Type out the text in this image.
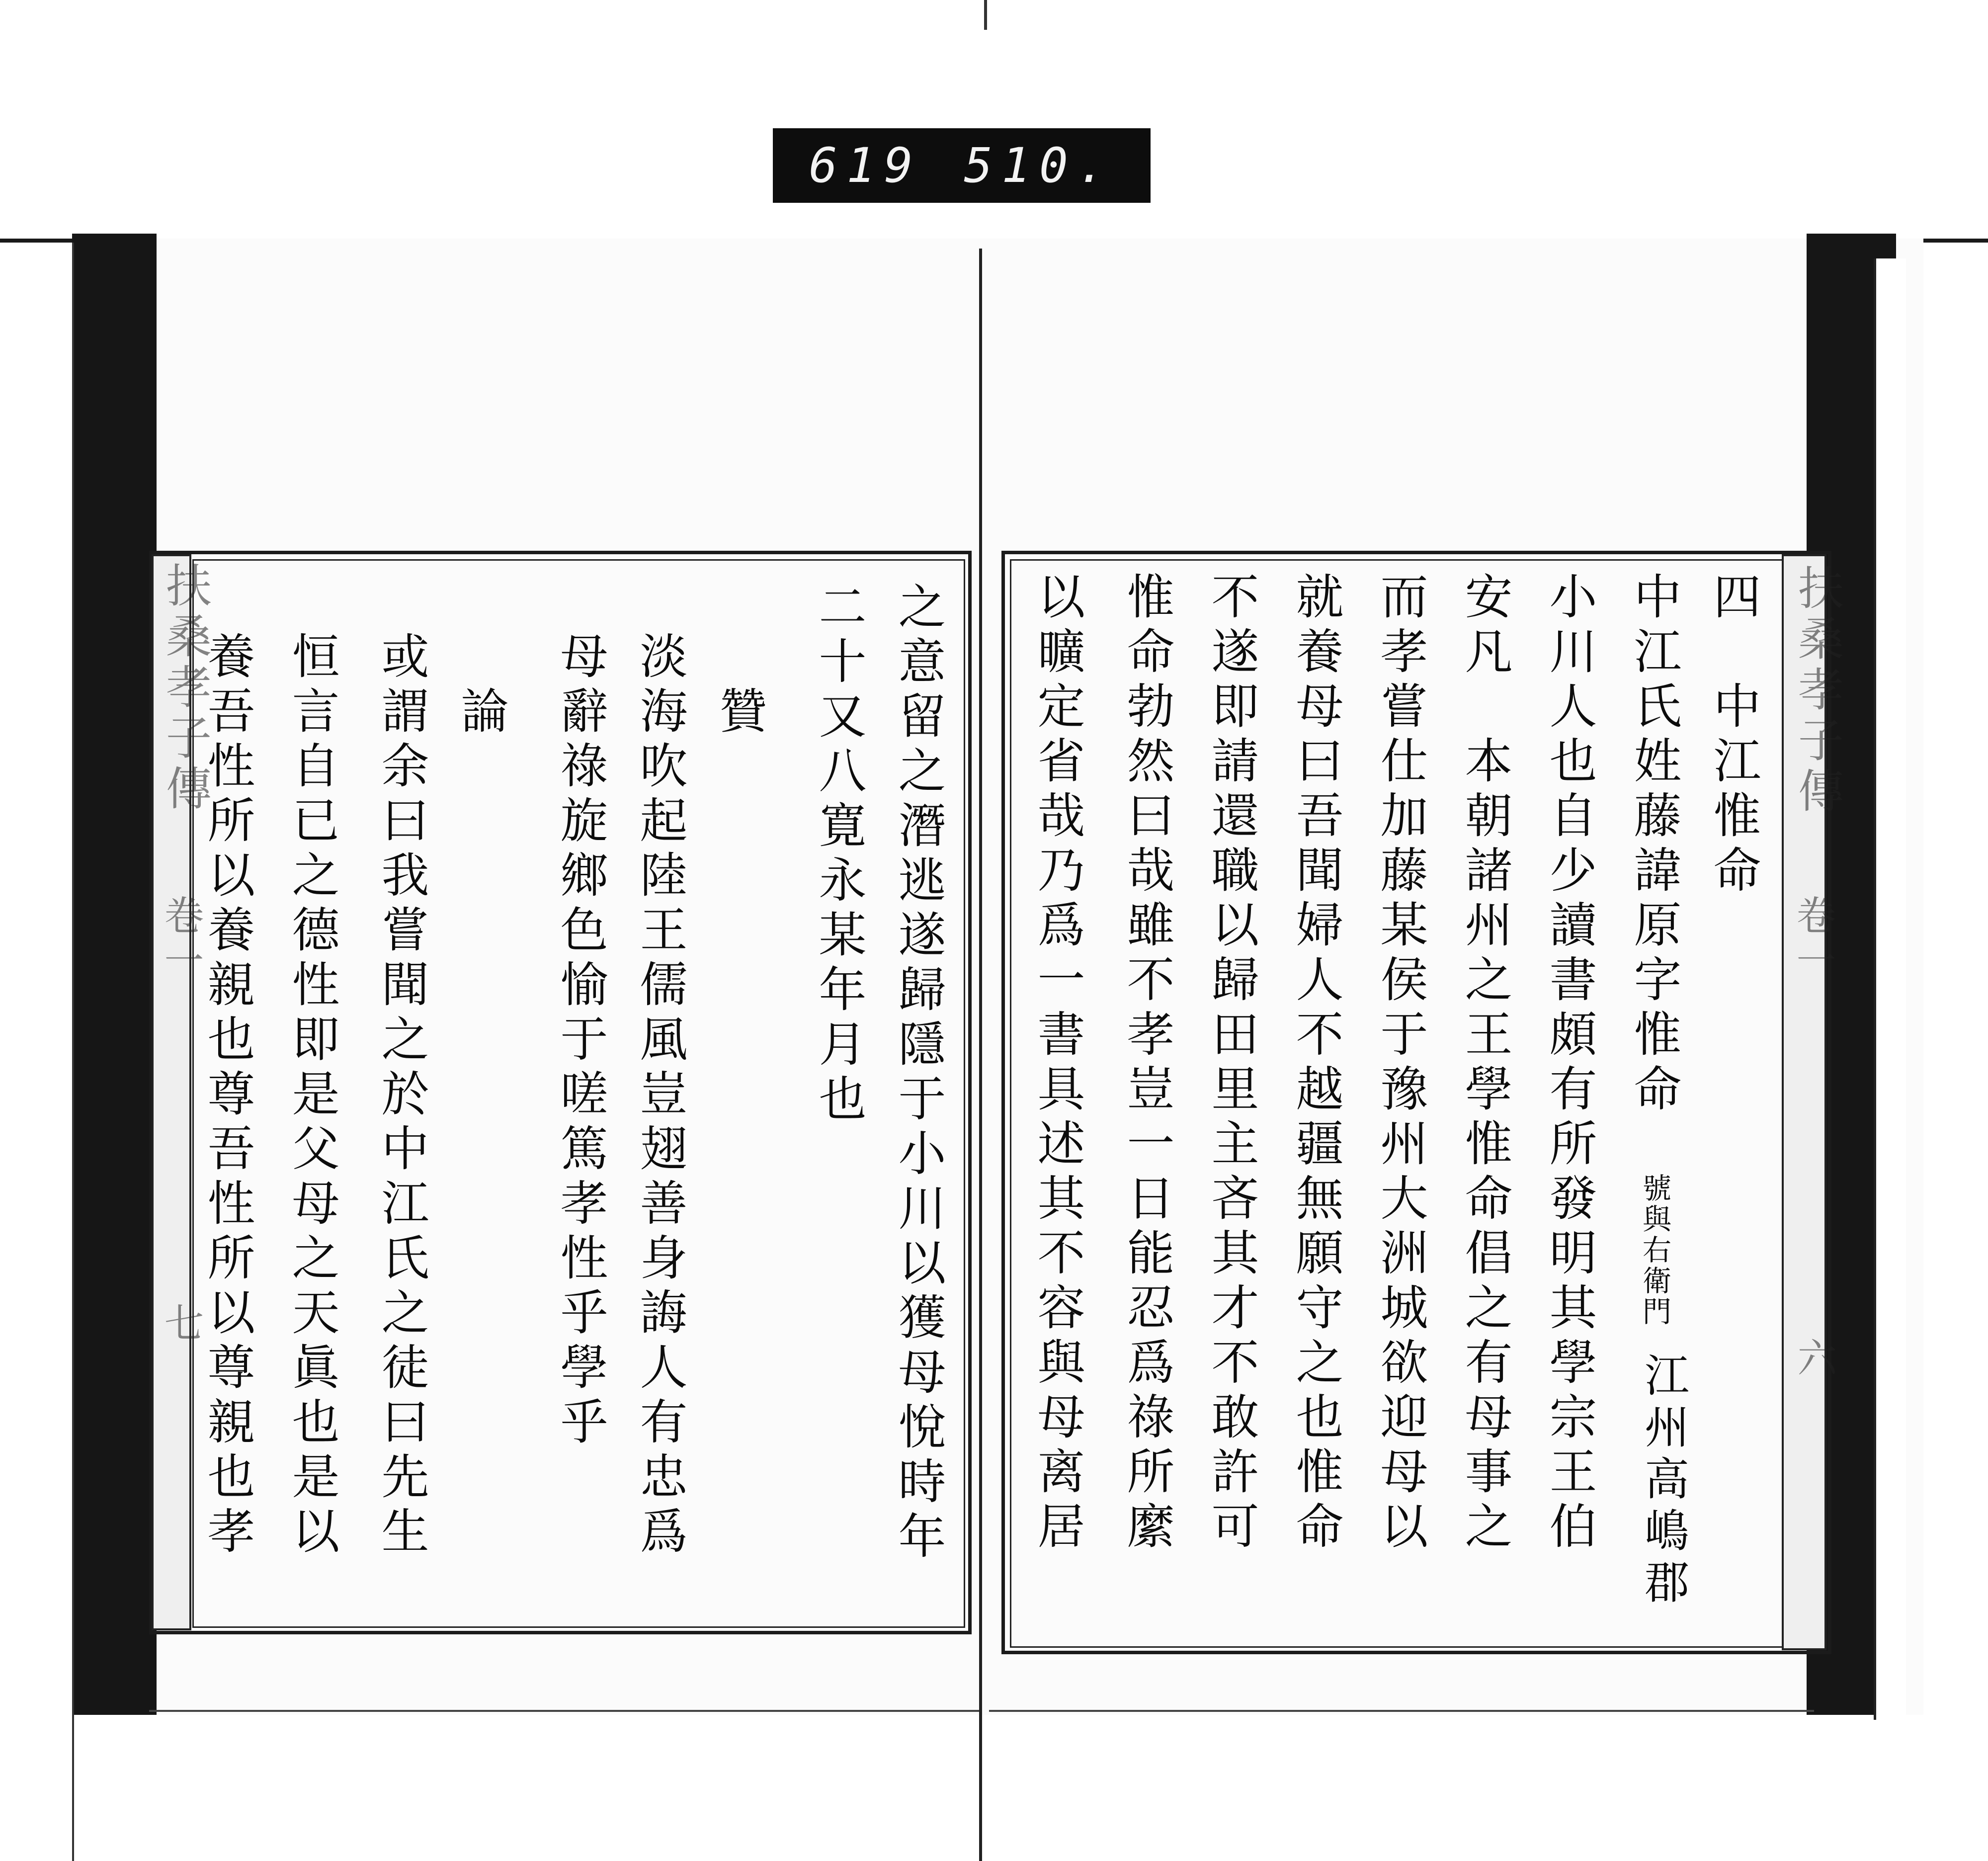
619 510.
扶桑孝子傳
卷一
七	之意留之潛逃遂歸隱于小川以獲母悅時年
二十又八寛永某年月也
贊
淡海吹起陸王儒風豈翅善身誨人有忠爲
母辭祿旋鄉色愉于嗟篤孝性乎學乎
論
或謂余曰我嘗聞之於中江氏之徒曰先生
恒言自已之德性即是父母之天眞也是以
養吾性所以養親也尊吾性所以尊親也孝	扶桑孝子傳
卷一
六
四　中江惟命
中江氏姓藤諱原字惟命
號與右衛門
江州高嶋郡
小川人也自少讀書頗有所發明其學宗王伯
安凡　本朝諸州之王學惟命倡之有母事之
而孝嘗仕加藤某侯于豫州大洲城欲迎母以
就養母曰吾聞婦人不越疆無願守之也惟命
不遂即請還職以歸田里主吝其才不敢許可
惟命勃然曰哉雖不孝豈一日能忍爲祿所縻
以曠定省哉乃爲一書具述其不容與母离居
